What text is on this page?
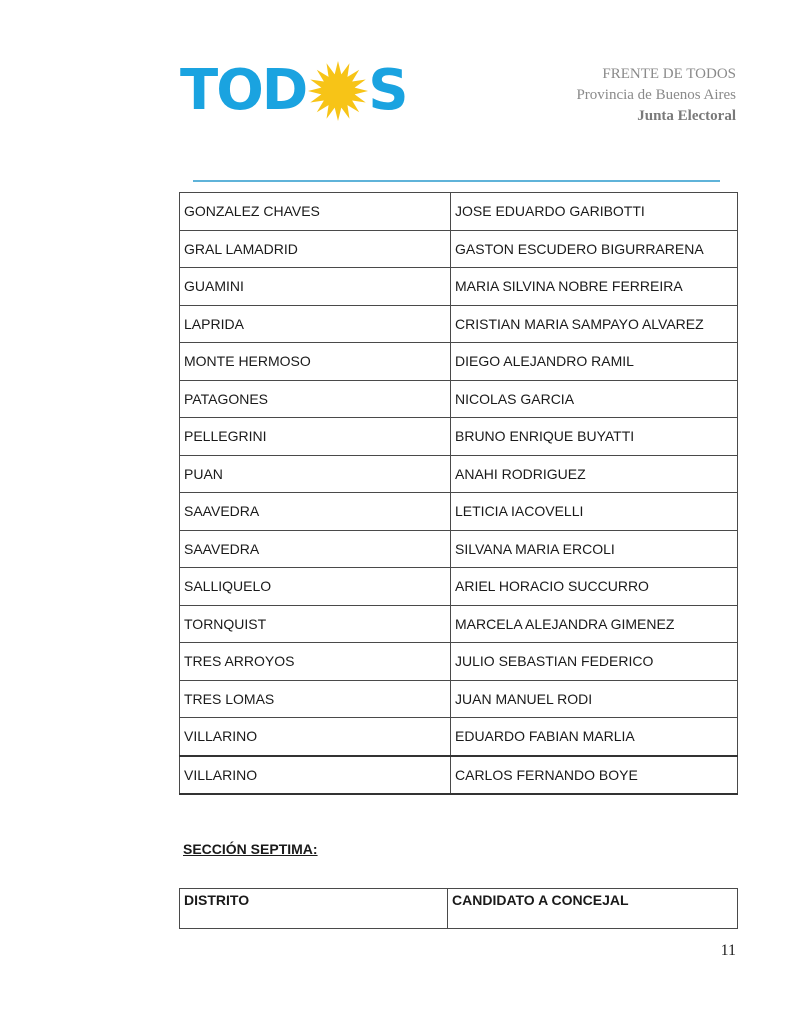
TOD S	FRENTE DE TODOS
Provincia de Buenos Aires
Junta Electoral
GONZALEZ CHAVES	JOSE EDUARDO GARIBOTTI
GRAL LAMADRID	GASTON ESCUDERO BIGURRARENA
GUAMINI	MARIA SILVINA NOBRE FERREIRA
LAPRIDA	CRISTIAN MARIA SAMPAYO ALVAREZ
MONTE HERMOSO	DIEGO ALEJANDRO RAMIL
PATAGONES	NICOLAS GARCIA
PELLEGRINI	BRUNO ENRIQUE BUYATTI
PUAN	ANAHI RODRIGUEZ
SAAVEDRA	LETICIA IACOVELLI
SAAVEDRA	SILVANA MARIA ERCOLI
SALLIQUELO	ARIEL HORACIO SUCCURRO
TORNQUIST	MARCELA ALEJANDRA GIMENEZ
TRES ARROYOS	JULIO SEBASTIAN FEDERICO
TRES LOMAS	JUAN MANUEL RODI
VILLARINO	EDUARDO FABIAN MARLIA
VILLARINO	CARLOS FERNANDO BOYE
SECCIÓN SEPTIMA:
DISTRITO	CANDIDATO A CONCEJAL
11
